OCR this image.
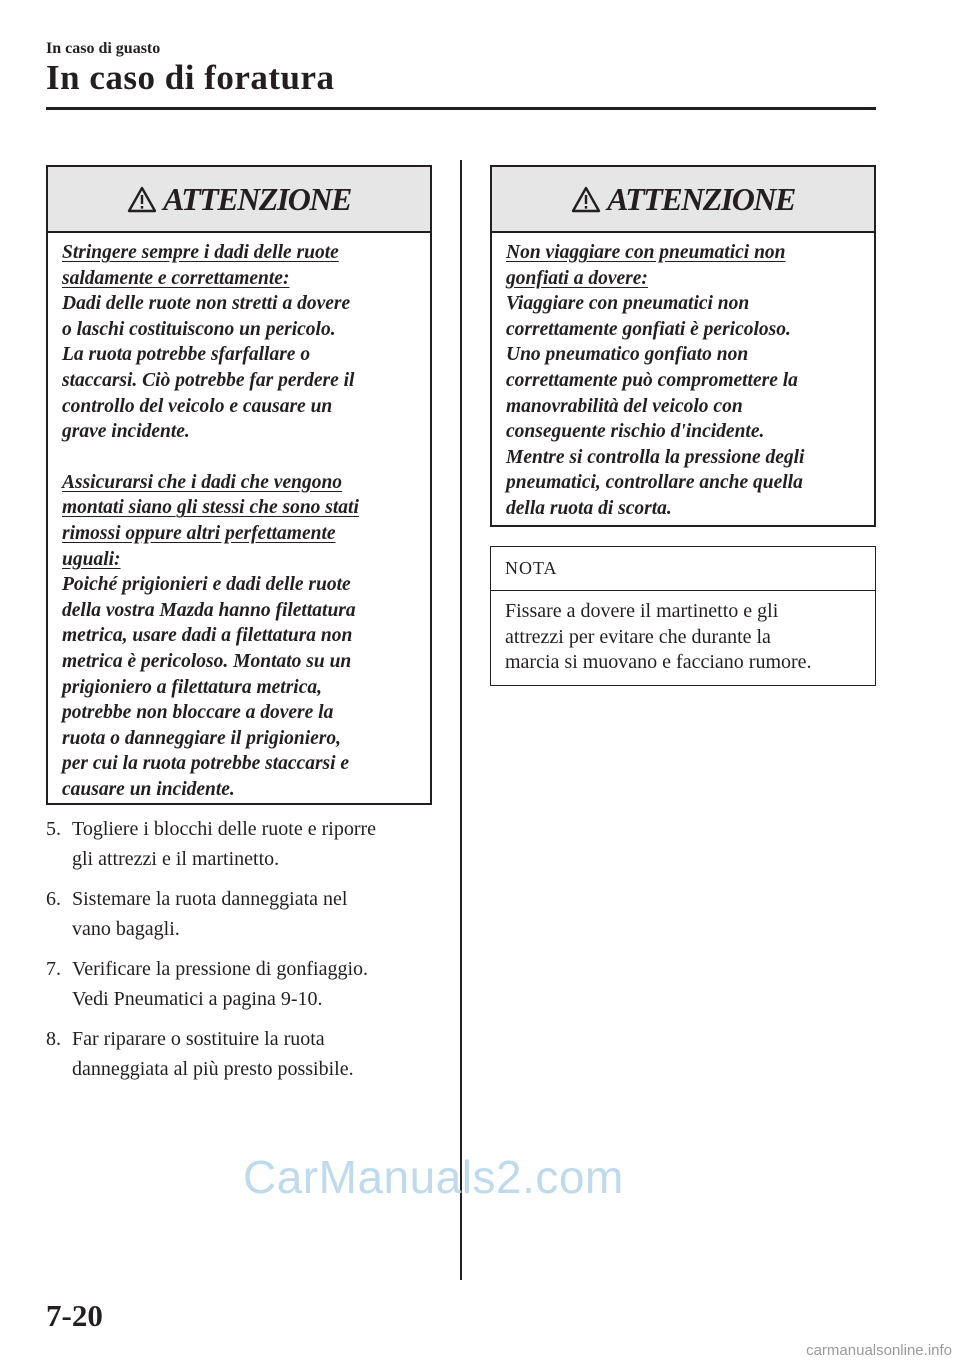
In caso di guasto
In caso di foratura
ATTENZIONE

Stringere sempre i dadi delle ruote
saldamente e correttamente:

Dadi delle ruote non stretti a dovere
o laschi costituiscono un pericolo.
La ruota potrebbe sfarfallare o
staccarsi. Ciò potrebbe far perdere il
controllo del veicolo e causare un
grave incidente.

Assicurarsi che i dadi che vengono
montati siano gli stessi che sono stati
rimossi oppure altri perfettamente
uguali:

Poiché prigionieri e dadi delle ruote
della vostra Mazda hanno filettatura
metrica, usare dadi a filettatura non
metrica è pericoloso. Montato su un
prigioniero a filettatura metrica,
potrebbe non bloccare a dovere la
ruota o danneggiare il prigioniero,
per cui la ruota potrebbe staccarsi e
causare un incidente.

5. Togliere i blocchi delle ruote e riporre
gli attrezzi e il martinetto.
6. Sistemare la ruota danneggiata nel
vano bagagli.
7. Verificare la pressione di gonfiaggio.
Vedi Pneumatici a pagina 9-10.
8. Far riparare o sostituire la ruota
danneggiata al più presto possibile.
ATTENZIONE

Non viaggiare con pneumatici non
gonfiati a dovere:

Viaggiare con pneumatici non
correttamente gonfiati è pericoloso.
Uno pneumatico gonfiato non
correttamente può compromettere la
manovrabilità del veicolo con
conseguente rischio d'incidente.
Mentre si controlla la pressione degli
pneumatici, controllare anche quella
della ruota di scorta.

NOTA
Fissare a dovere il martinetto e gli
attrezzi per evitare che durante la
marcia si muovano e facciano rumore.
CarManuals2.com
7-20
carmanualsonline.info
